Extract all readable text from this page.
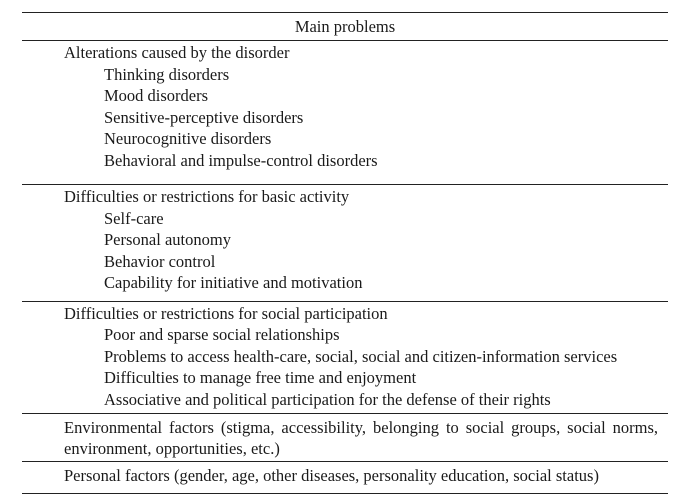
Main problems
Alterations caused by the disorder
Thinking disorders
Mood disorders
Sensitive-perceptive disorders
Neurocognitive disorders
Behavioral and impulse-control disorders
Difficulties or restrictions for basic activity
Self-care
Personal autonomy
Behavior control
Capability for initiative and motivation
Difficulties or restrictions for social participation
Poor and sparse social relationships
Problems to access health-care, social, social and citizen-information services
Difficulties to manage free time and enjoyment
Associative and political participation for the defense of their rights
Environmental factors (stigma, accessibility, belonging to social groups, social norms, environment, opportunities, etc.)
Personal factors (gender, age, other diseases, personality education, social status)
